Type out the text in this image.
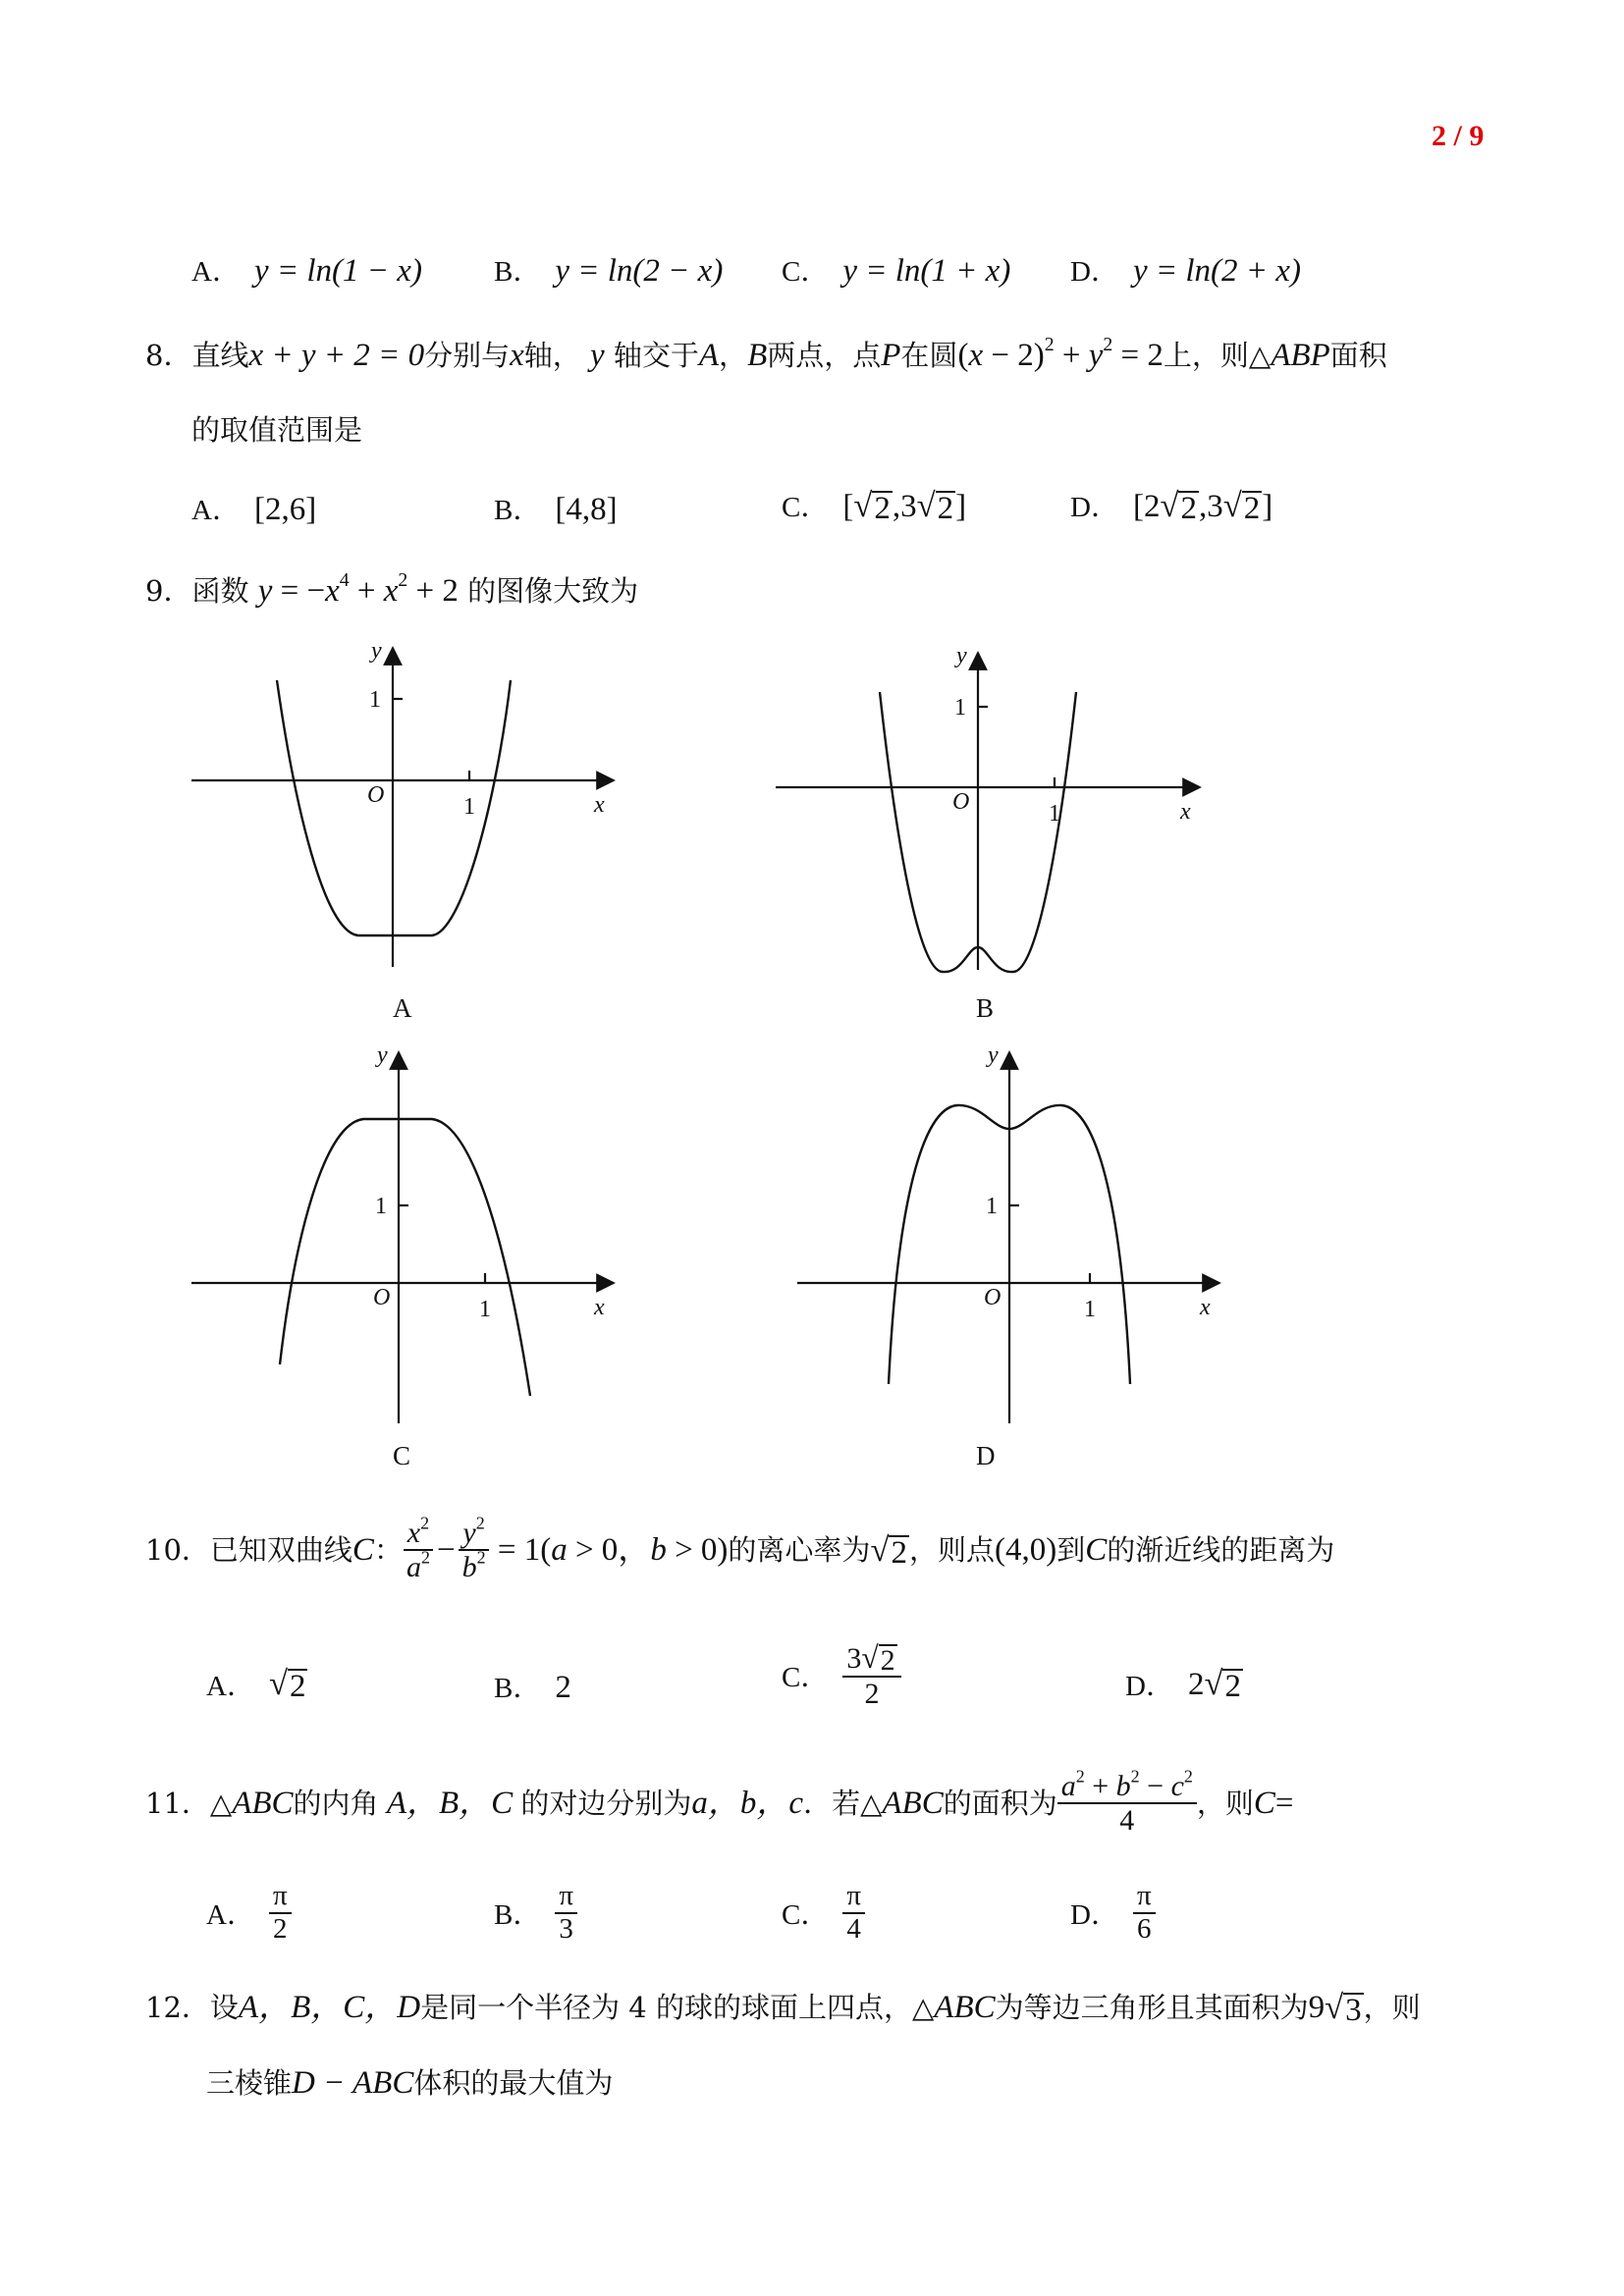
2 / 9
A． y = ln(1 − x)	B． y = ln(2 − x) C． y = ln(1 + x) D． y = ln(2 + x)
8．直线x + y + 2 = 0分别与x轴， y 轴交于A，B两点，点P在圆$(x - 2)^2 + y^2 = 2$上，则△ABP面积
的取值范围是
A． [2,6]	B． [4,8]	C． [ √ 2 ,3 √ 2 ]	D． [2 √ 2 ,3 √ 2 ]
9．函数 $y = -x^4 + x^2 + 2$ 的图像大致为
O	1
1
x
y
O	1
1
x
y
O	1
1
x
y
O	1
1
x
y
A	B
C	D
10． 已知双曲线 C ： $\frac{x^2}{a^2} - \frac{y^2}{b^2} = 1(a > 0$，b > 0) 的离心率为 √ 2 ，则点 (4,0) 到 C 的渐近线的距离为
A． √ 2	B． 2	C． $\frac{3 √ 2}{2}$	D． 2 √ 2
11． △ ABC 的内角 A，B，C 的对边分别为 a，b，c ．若△ ABC 的面积为 $\frac{a^2 + b^2 - c^2}{4}$ ，则 C =
A． $\frac{\pi}{2}$	B． $\frac{\pi}{3}$	C． $\frac{\pi}{4}$	D． $\frac{\pi}{6}$
12．设A，B，C，D是同一个半径为 4 的球的球面上四点，△ABC为等边三角形且其面积为9 √ 3 ，则
三棱锥D − ABC体积的最大值为
